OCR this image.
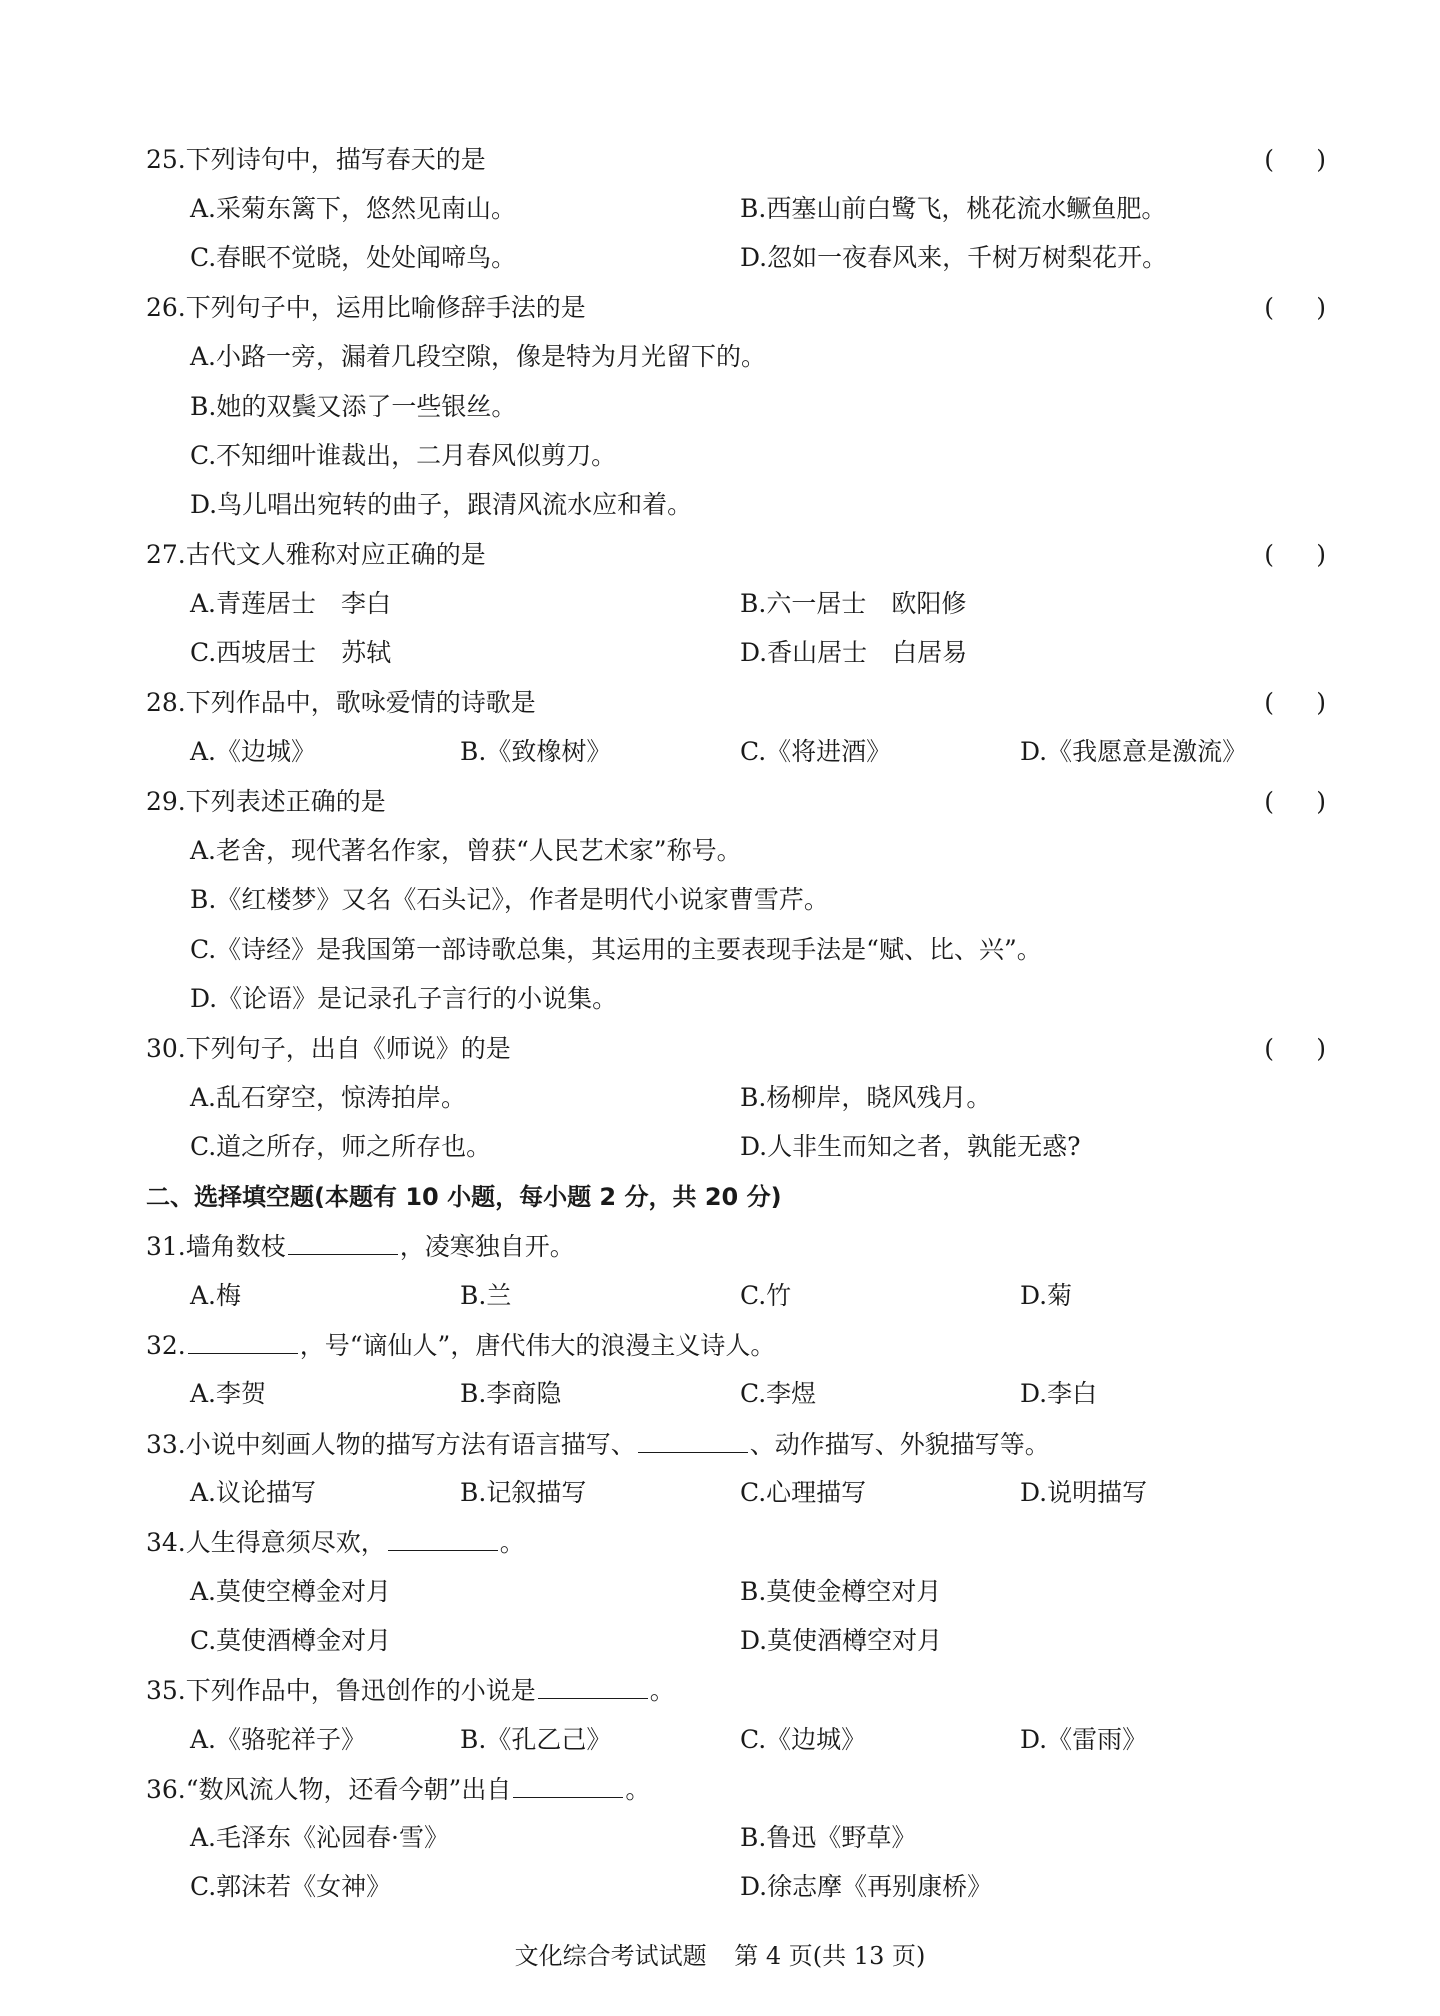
25.下列诗句中，描写春天的是	( )
A.采菊东篱下，悠然见南山。	B.西塞山前白鹭飞，桃花流水鳜鱼肥。
C.春眠不觉晓，处处闻啼鸟。	D.忽如一夜春风来，千树万树梨花开。
26.下列句子中，运用比喻修辞手法的是	( )
A.小路一旁，漏着几段空隙，像是特为月光留下的。
B.她的双鬓又添了一些银丝。
C.不知细叶谁裁出，二月春风似剪刀。
D.鸟儿唱出宛转的曲子，跟清风流水应和着。
27.古代文人雅称对应正确的是	( )
A.青莲居士　李白	B.六一居士　欧阳修
C.西坡居士　苏轼	D.香山居士　白居易
28.下列作品中，歌咏爱情的诗歌是	( )
A.《边城》	B.《致橡树》	C.《将进酒》	D.《我愿意是激流》
29.下列表述正确的是	( )
A.老舍，现代著名作家，曾获“人民艺术家”称号。
B.《红楼梦》又名《石头记》，作者是明代小说家曹雪芹。
C.《诗经》是我国第一部诗歌总集，其运用的主要表现手法是“赋、比、兴”。
D.《论语》是记录孔子言行的小说集。
30.下列句子，出自《师说》的是	( )
A.乱石穿空，惊涛拍岸。	B.杨柳岸，晓风残月。
C.道之所存，师之所存也。	D.人非生而知之者，孰能无惑?
二、选择填空题(本题有 10 小题，每小题 2 分，共 20 分)
31.墙角数枝	，凌寒独自开。
A.梅	B.兰	C.竹	D.菊
32.	，号“谪仙人”，唐代伟大的浪漫主义诗人。
A.李贺	B.李商隐	C.李煜	D.李白
33.小说中刻画人物的描写方法有语言描写、	、动作描写、外貌描写等。
A.议论描写	B.记叙描写	C.心理描写	D.说明描写
34.人生得意须尽欢，	。
A.莫使空樽金对月	B.莫使金樽空对月
C.莫使酒樽金对月	D.莫使酒樽空对月
35.下列作品中，鲁迅创作的小说是	。
A.《骆驼祥子》	B.《孔乙己》	C.《边城》	D.《雷雨》
36.“数风流人物，还看今朝”出自	。
A.毛泽东《沁园春·雪》	B.鲁迅《野草》
文化综合考试试题 第 4 页(共 13 页)
C.郭沫若《女神》	D.徐志摩《再别康桥》
